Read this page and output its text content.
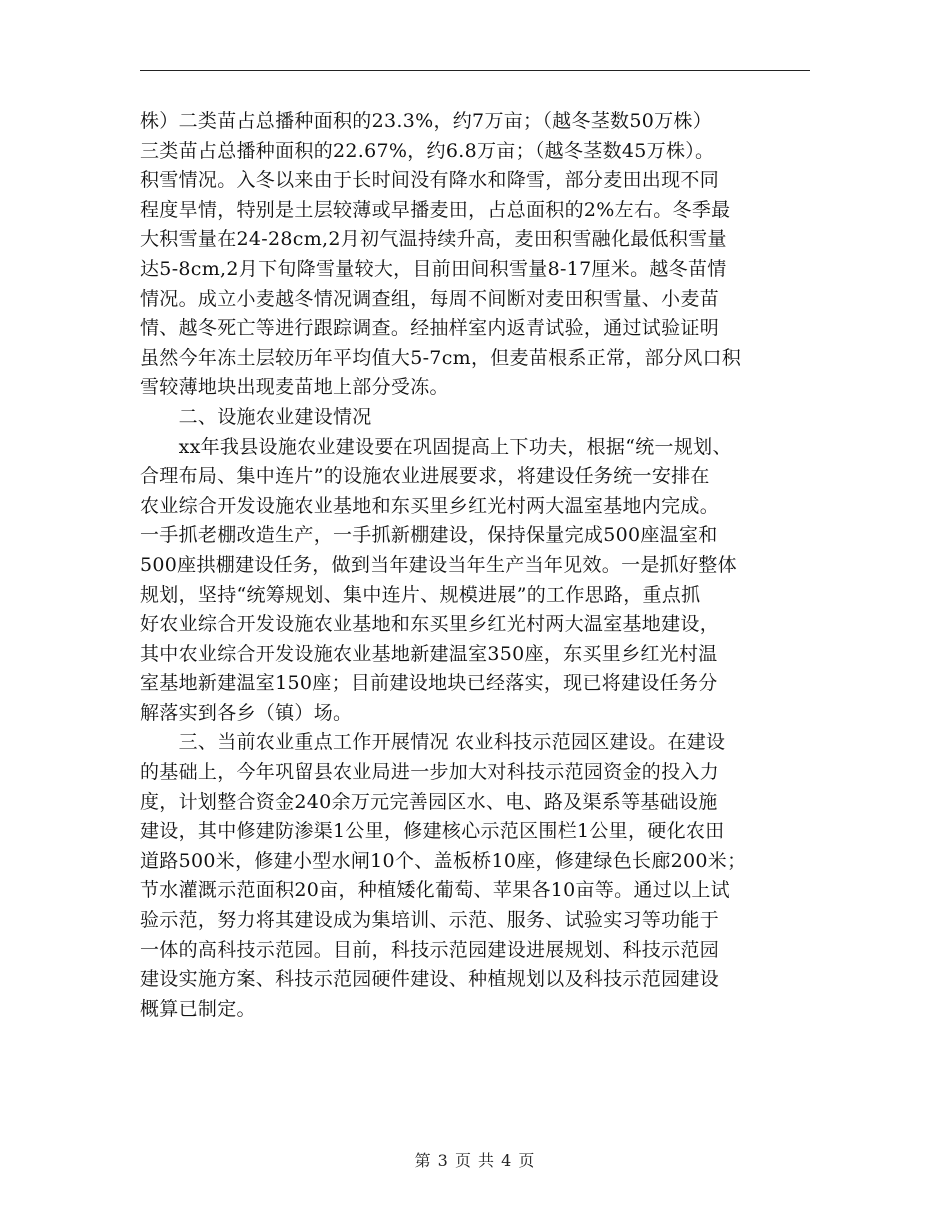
株）二类苗占总播种面积的23.3%，约7万亩；（越冬茎数50万株）
三类苗占总播种面积的22.67%，约6.8万亩；（越冬茎数45万株）。
积雪情况。入冬以来由于长时间没有降水和降雪，部分麦田出现不同
程度旱情，特别是土层较薄或早播麦田，占总面积的2%左右。冬季最
大积雪量在24-28cm,2月初气温持续升高，麦田积雪融化最低积雪量
达5-8cm,2月下旬降雪量较大，目前田间积雪量8-17厘米。越冬苗情
情况。成立小麦越冬情况调查组，每周不间断对麦田积雪量、小麦苗
情、越冬死亡等进行跟踪调查。经抽样室内返青试验，通过试验证明
虽然今年冻土层较历年平均值大5-7cm，但麦苗根系正常，部分风口积
雪较薄地块出现麦苗地上部分受冻。
　　二、设施农业建设情况
　　xx年我县设施农业建设要在巩固提高上下功夫，根据“统一规划、
合理布局、集中连片”的设施农业进展要求，将建设任务统一安排在
农业综合开发设施农业基地和东买里乡红光村两大温室基地内完成。
一手抓老棚改造生产，一手抓新棚建设，保持保量完成500座温室和
500座拱棚建设任务，做到当年建设当年生产当年见效。一是抓好整体
规划，坚持“统筹规划、集中连片、规模进展”的工作思路，重点抓
好农业综合开发设施农业基地和东买里乡红光村两大温室基地建设，
其中农业综合开发设施农业基地新建温室350座，东买里乡红光村温
室基地新建温室150座；目前建设地块已经落实，现已将建设任务分
解落实到各乡（镇）场。
　　三、当前农业重点工作开展情况 农业科技示范园区建设。在建设
的基础上，今年巩留县农业局进一步加大对科技示范园资金的投入力
度，计划整合资金240余万元完善园区水、电、路及渠系等基础设施
建设，其中修建防渗渠1公里，修建核心示范区围栏1公里，硬化农田
道路500米，修建小型水闸10个、盖板桥10座，修建绿色长廊200米；
节水灌溉示范面积20亩，种植矮化葡萄、苹果各10亩等。通过以上试
验示范，努力将其建设成为集培训、示范、服务、试验实习等功能于
一体的高科技示范园。目前，科技示范园建设进展规划、科技示范园
建设实施方案、科技示范园硬件建设、种植规划以及科技示范园建设
概算已制定。
第 3 页 共 4 页
